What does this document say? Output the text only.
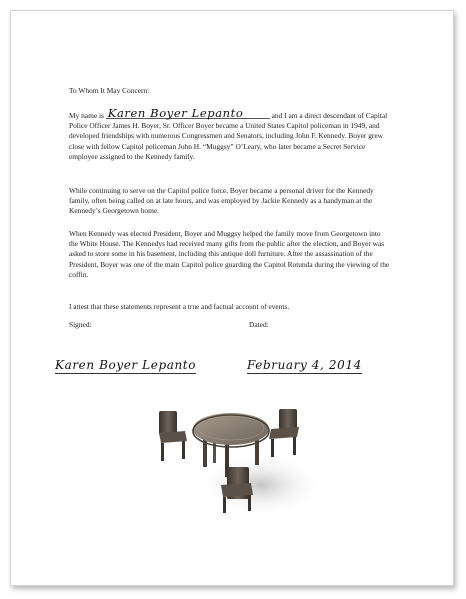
To Whom It May Concern:
My name is Karen Boyer Lepanto	and I am a direct descendant of Capital Police Officer James H. Boyer, Sr. Officer Boyer became a United States Capitol policeman in 1949, and developed friendships with numerous Congressmen and Senators, including John F. Kennedy. Boyer grew close with fellow Capitol policeman John H. “Muggsy” O’Leary, who later became a Secret Service employee assigned to the Kennedy family.
While continuing to serve on the Capitol police force, Boyer became a personal driver for the Kennedy family, often being called on at late hours, and was employed by Jackie Kennedy as a handyman at the Kennedy’s Georgetown home.
When Kennedy was elected President, Boyer and Muggsy helped the family move from Georgetown into the White House. The Kennedys had received many gifts from the public after the election, and Boyer was asked to store some in his basement, including this antique doll furniture. After the assassination of the President, Boyer was one of the main Capitol police guarding the Capitol Rotunda during the viewing of the coffin.
I attest that these statements represent a true and factual account of events.
Signed:	Dated:
Karen Boyer Lepanto	February 4, 2014
